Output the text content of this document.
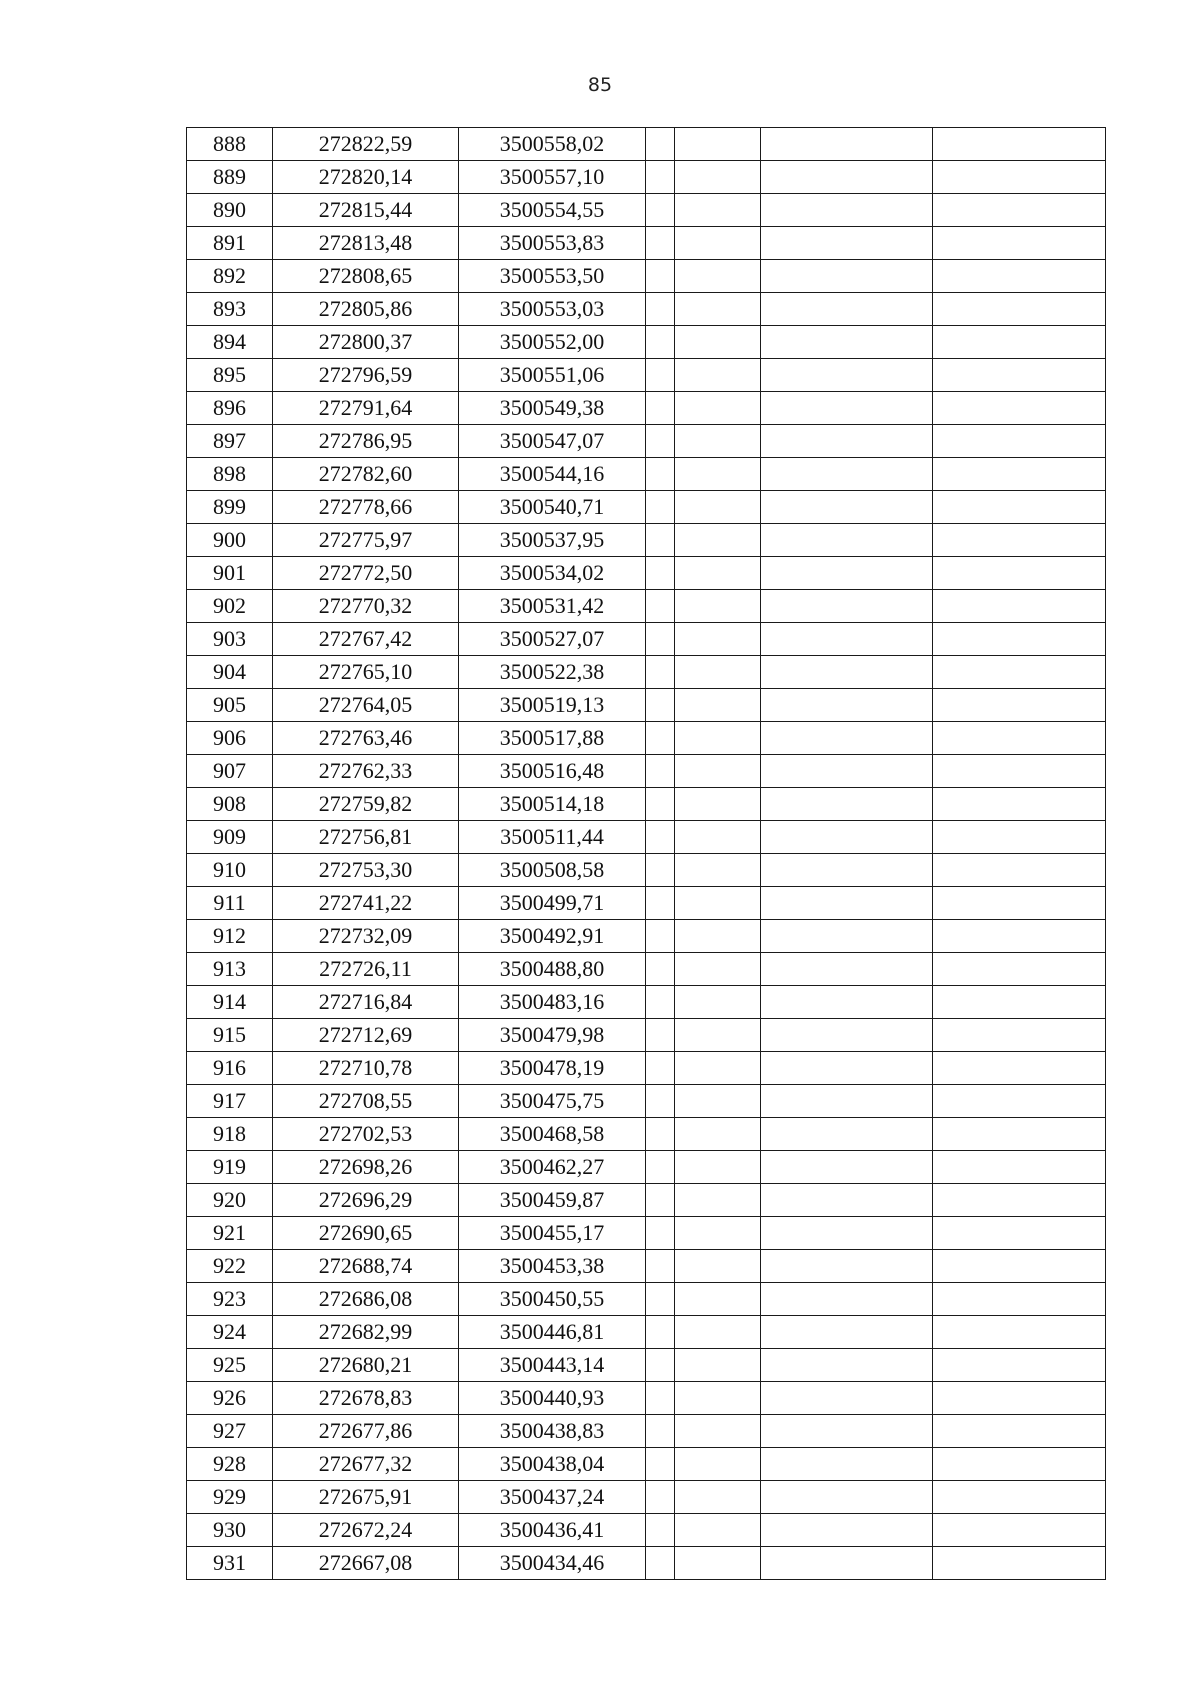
85
888	272822,59	3500558,02				
889	272820,14	3500557,10				
890	272815,44	3500554,55				
891	272813,48	3500553,83				
892	272808,65	3500553,50				
893	272805,86	3500553,03				
894	272800,37	3500552,00				
895	272796,59	3500551,06				
896	272791,64	3500549,38				
897	272786,95	3500547,07				
898	272782,60	3500544,16				
899	272778,66	3500540,71				
900	272775,97	3500537,95				
901	272772,50	3500534,02				
902	272770,32	3500531,42				
903	272767,42	3500527,07				
904	272765,10	3500522,38				
905	272764,05	3500519,13				
906	272763,46	3500517,88				
907	272762,33	3500516,48				
908	272759,82	3500514,18				
909	272756,81	3500511,44				
910	272753,30	3500508,58				
911	272741,22	3500499,71				
912	272732,09	3500492,91				
913	272726,11	3500488,80				
914	272716,84	3500483,16				
915	272712,69	3500479,98				
916	272710,78	3500478,19				
917	272708,55	3500475,75				
918	272702,53	3500468,58				
919	272698,26	3500462,27				
920	272696,29	3500459,87				
921	272690,65	3500455,17				
922	272688,74	3500453,38				
923	272686,08	3500450,55				
924	272682,99	3500446,81				
925	272680,21	3500443,14				
926	272678,83	3500440,93				
927	272677,86	3500438,83				
928	272677,32	3500438,04				
929	272675,91	3500437,24				
930	272672,24	3500436,41				
931	272667,08	3500434,46				
